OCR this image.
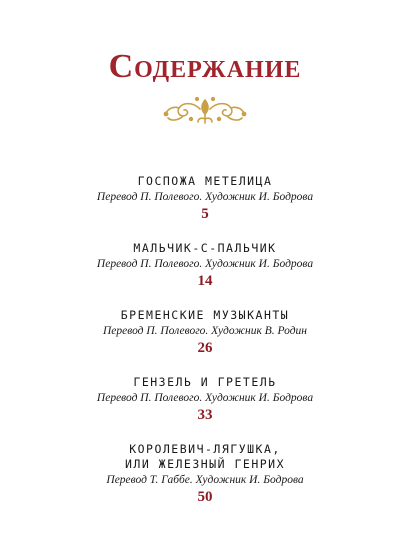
Содержание
ГОСПОЖА МЕТЕЛИЦА
Перевод П. Полевого. Художник И. Бодрова
5
МАЛЬЧИК-С-ПАЛЬЧИК
Перевод П. Полевого. Художник И. Бодрова
14
БРЕМЕНСКИЕ МУЗЫКАНТЫ
Перевод П. Полевого. Художник В. Родин
26
ГЕНЗЕЛЬ И ГРЕТЕЛЬ
Перевод П. Полевого. Художник И. Бодрова
33
КОРОЛЕВИЧ-ЛЯГУШКА,
ИЛИ ЖЕЛЕЗНЫЙ ГЕНРИХ
Перевод Т. Габбе. Художник И. Бодрова
50
